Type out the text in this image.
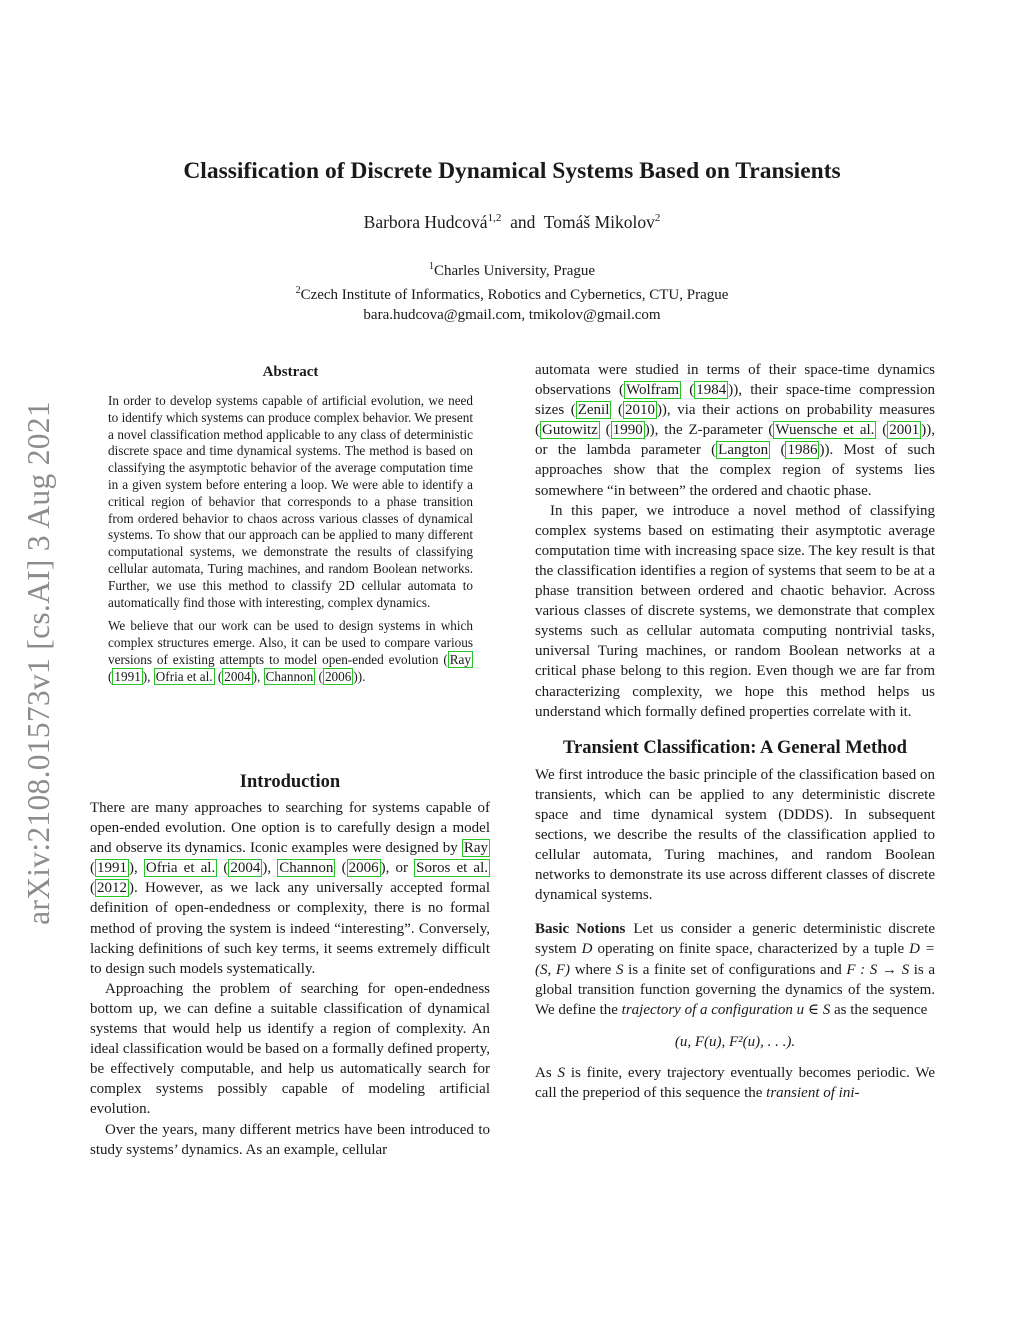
arXiv:2108.01573v1 [cs.AI] 3 Aug 2021
Classification of Discrete Dynamical Systems Based on Transients
Barbora Hudcová$^{1,2}$ and Tomáš Mikolov$^2$
$^1$Charles University, Prague
$^2$Czech Institute of Informatics, Robotics and Cybernetics, CTU, Prague
bara.hudcova@gmail.com, tmikolov@gmail.com
Abstract

In order to develop systems capable of artificial evolution, we need to identify which systems can produce complex behavior. We present a novel classification method applicable to any class of deterministic discrete space and time dynamical systems. The method is based on classifying the asymptotic behavior of the average computation time in a given system before entering a loop. We were able to identify a critical region of behavior that corresponds to a phase transition from ordered behavior to chaos across various classes of dynamical systems. To show that our approach can be applied to many different computational systems, we demonstrate the results of classifying cellular automata, Turing machines, and random Boolean networks. Further, we use this method to classify 2D cellular automata to automatically find those with interesting, complex dynamics.

We believe that our work can be used to design systems in which complex structures emerge. Also, it can be used to compare various versions of existing attempts to model open-ended evolution ( Ray ( 1991 ), Ofria et al. ( 2004 ), Channon ( 2006 )).

Introduction

There are many approaches to searching for systems capable of open-ended evolution. One option is to carefully design a model and observe its dynamics. Iconic examples were designed by Ray ( 1991 ), Ofria et al. ( 2004 ), Channon ( 2006 ), or Soros et al. ( 2012 ). However, as we lack any universally accepted formal definition of open-endedness or complexity, there is no formal method of proving the system is indeed “interesting”. Conversely, lacking definitions of such key terms, it seems extremely difficult to design such models systematically.

Approaching the problem of searching for open-endedness bottom up, we can define a suitable classification of dynamical systems that would help us identify a region of complexity. An ideal classification would be based on a formally defined property, be effectively computable, and help us automatically search for complex systems possibly capable of modeling artificial evolution.

Over the years, many different metrics have been introduced to study systems’ dynamics. As an example, cellular

automata were studied in terms of their space-time dynamics observations ( Wolfram ( 1984 )), their space-time compression sizes ( Zenil ( 2010 )), via their actions on probability measures ( Gutowitz ( 1990 )), the Z-parameter ( Wuensche et al. ( 2001 )), or the lambda parameter ( Langton ( 1986 )). Most of such approaches show that the complex region of systems lies somewhere “in between” the ordered and chaotic phase.

In this paper, we introduce a novel method of classifying complex systems based on estimating their asymptotic average computation time with increasing space size. The key result is that the classification identifies a region of systems that seem to be at a phase transition between ordered and chaotic behavior. Across various classes of discrete systems, we demonstrate that complex systems such as cellular automata computing nontrivial tasks, universal Turing machines, or random Boolean networks at a critical phase belong to this region. Even though we are far from characterizing complexity, we hope this method helps us understand which formally defined properties correlate with it.

Transient Classification: A General Method

We first introduce the basic principle of the classification based on transients, which can be applied to any deterministic discrete space and time dynamical system (DDDS). In subsequent sections, we describe the results of the classification applied to cellular automata, Turing machines, and random Boolean networks to demonstrate its use across different classes of discrete dynamical systems.

Basic Notions Let us consider a generic deterministic discrete system D operating on finite space, characterized by a tuple D = (S, F) where S is a finite set of configurations and F : S → S is a global transition function governing the dynamics of the system. We define the trajectory of a configuration u ∈ S as the sequence

(u, F(u), F²(u), . . .).

As S is finite, every trajectory eventually becomes periodic. We call the preperiod of this sequence the transient of ini-
